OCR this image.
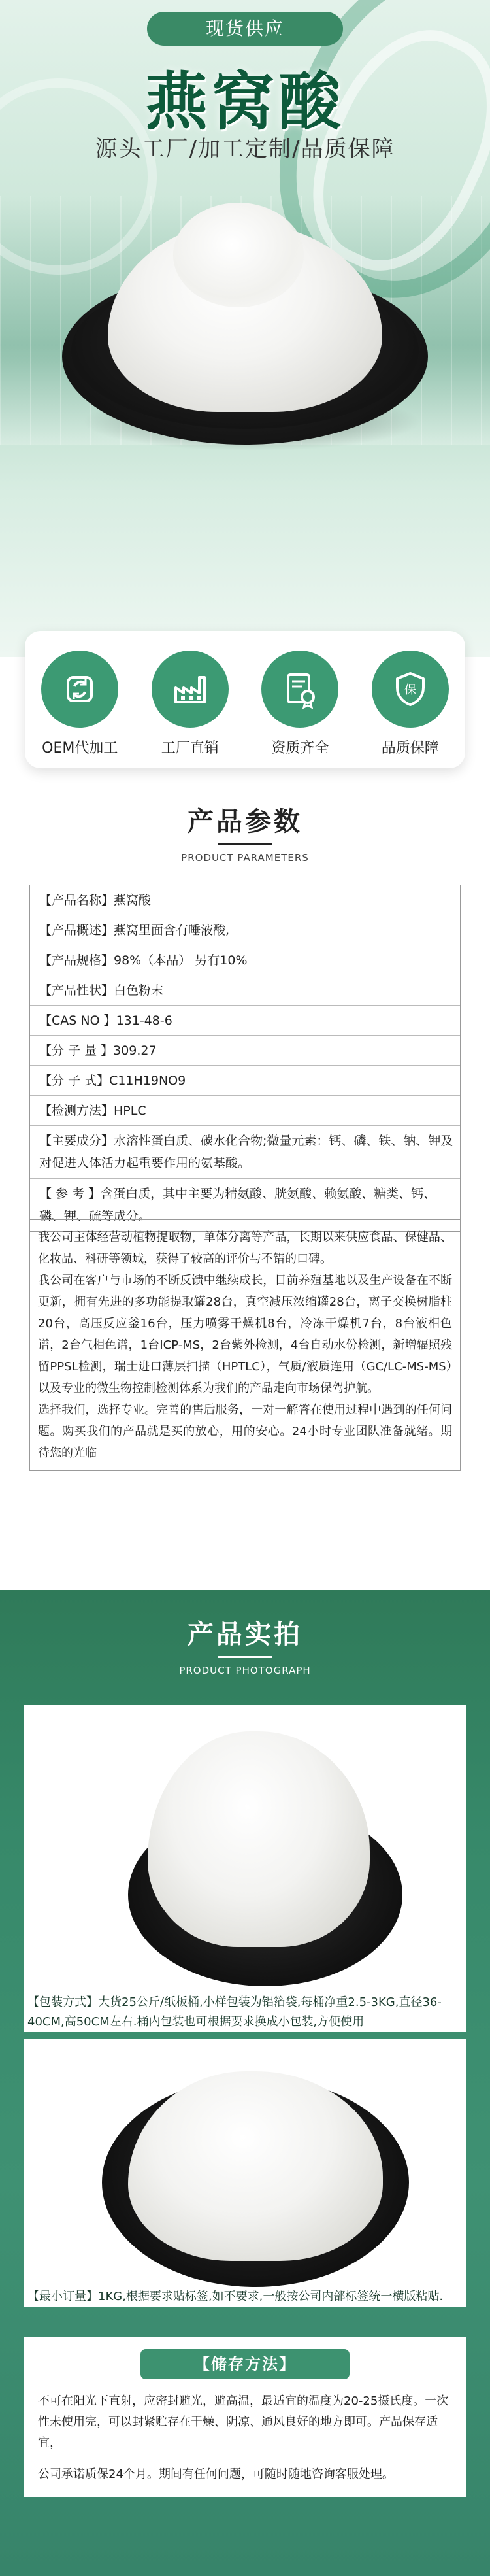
现货供应
燕窝酸
源头工厂/加工定制/品质保障
OEM代加工	工厂直销	资质齐全
保
品质保障
产品参数
PRODUCT PARAMETERS
【产品名称】燕窝酸
【产品概述】燕窝里面含有唾液酸,
【产品规格】98%（本品） 另有10%
【产品性状】白色粉末
【CAS NO 】131-48-6
【分 子 量 】309.27
【分 子 式】C11H19NO9
【检测方法】HPLC
【主要成分】水溶性蛋白质、碳水化合物;微量元素：钙、磷、铁、钠、钾及对促进人体活力起重要作用的氨基酸。
【 参 考 】含蛋白质，其中主要为精氨酸、胱氨酸、赖氨酸、糖类、钙、磷、钾、硫等成分。

我公司主体经营动植物提取物，单体分离等产品，长期以来供应食品、保健品、化妆品、科研等领域，获得了较高的评价与不错的口碑。

我公司在客户与市场的不断反馈中继续成长，目前养殖基地以及生产设备在不断更新，拥有先进的多功能提取罐28台，真空减压浓缩罐28台，离子交换树脂柱20台，高压反应釜16台，压力喷雾干燥机8台，冷冻干燥机7台，8台液相色谱，2台气相色谱，1台ICP-MS，2台紫外检测，4台自动水份检测，新增辐照残留PPSL检测，瑞士进口薄层扫描（HPTLC），气质/液质连用（GC/LC-MS-MS）以及专业的微生物控制检测体系为我们的产品走向市场保驾护航。

选择我们，选择专业。完善的售后服务，一对一解答在使用过程中遇到的任何问题。购买我们的产品就是买的放心，用的安心。24小时专业团队准备就绪。期待您的光临

产品实拍
PRODUCT PHOTOGRAPH
【包装方式】大货25公斤/纸板桶,小样包装为铝箔袋,每桶净重2.5-3KG,直径36-40CM,高50CM左右.桶内包装也可根据要求换成小包装,方便使用
【最小订量】1KG,根据要求贴标签,如不要求,一般按公司内部标签统一横版粘贴.
【储存方法】

不可在阳光下直射，应密封避光，避高温，最适宜的温度为20-25摄氏度。一次性未使用完，可以封紧贮存在干燥、阴凉、通风良好的地方即可。产品保存适宜，

公司承诺质保24个月。期间有任何问题，可随时随地咨询客服处理。
